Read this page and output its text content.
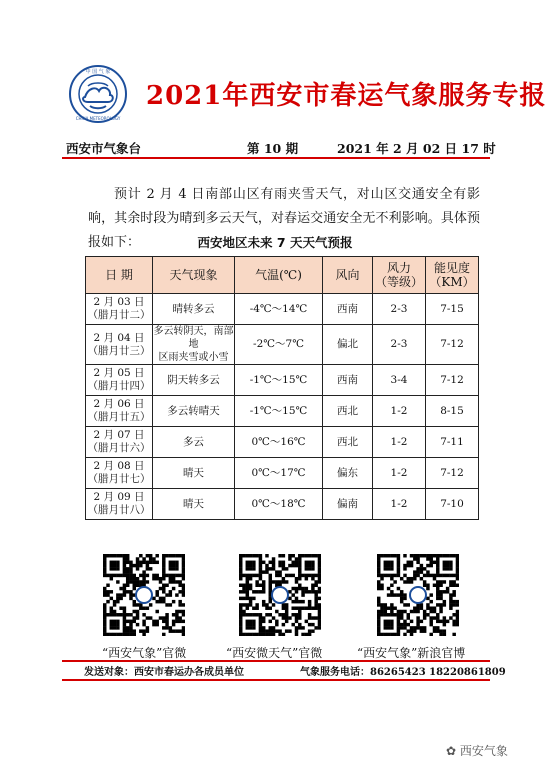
中 国 气 象
CHINA METEOROLOGY
2021年西安市春运气象服务专报
西安市气象台	第 10 期	2021 年 2 月 02 日 17 时
预计 2 月 4 日南部山区有雨夹雪天气，对山区交通安全有影响，其余时段为晴到多云天气，对春运交通安全无不利影响。具体预报如下：	西安地区未来 7 天天气预报
日 期	天气现象	气温(℃)	风向	风力
（等级）	能见度
（KM）
2 月 03 日
（腊月廿二）	晴转多云	-4℃～14℃	西南	2-3	7-15
2 月 04 日
（腊月廿三）	多云转阴天，南部地
区雨夹雪或小雪	-2℃～7℃	偏北	2-3	7-12
2 月 05 日
（腊月廿四）	阴天转多云	-1℃～15℃	西南	3-4	7-12
2 月 06 日
（腊月廿五）	多云转晴天	-1℃～15℃	西北	1-2	8-15
2 月 07 日
（腊月廿六）	多云	0℃～16℃	西北	1-2	7-11
2 月 08 日
（腊月廿七）	晴天	0℃～17℃	偏东	1-2	7-12
2 月 09 日
（腊月廿八）	晴天	0℃～18℃	偏南	1-2	7-10
“西安气象”官微	“西安微天气”官微	“西安气象”新浪官博
发送对象：西安市春运办各成员单位	气象服务电话：86265423 18220861809
✿ 西安气象
